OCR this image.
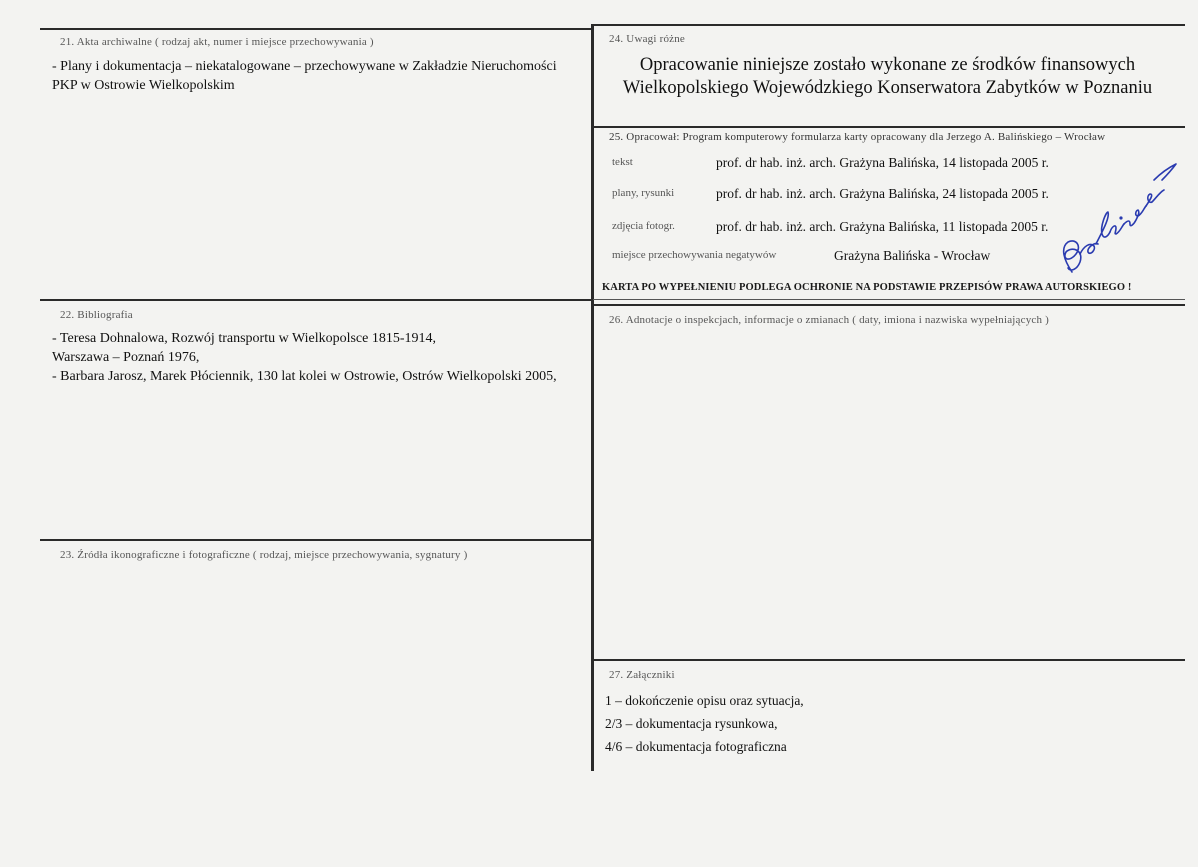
21. Akta archiwalne ( rodzaj akt, numer i miejsce przechowywania )
- Plany i dokumentacja – niekatalogowane – przechowywane w Zakładzie Nieruchomości
PKP w Ostrowie Wielkopolskim
22. Bibliografia
- Teresa Dohnalowa, Rozwój transportu w Wielkopolsce 1815-1914,
Warszawa – Poznań 1976,
- Barbara Jarosz, Marek Płóciennik, 130 lat kolei w Ostrowie, Ostrów Wielkopolski 2005,
23. Źródła ikonograficzne i fotograficzne ( rodzaj, miejsce przechowywania, sygnatury )
24. Uwagi różne
Opracowanie niniejsze zostało wykonane ze środków finansowych
Wielkopolskiego Wojewódzkiego Konserwatora Zabytków w Poznaniu
25. Opracował: Program komputerowy formularza karty opracowany dla Jerzego A. Balińskiego – Wrocław
tekst	prof. dr hab. inż. arch. Grażyna Balińska, 14 listopada 2005 r.
plany, rysunki	prof. dr hab. inż. arch. Grażyna Balińska, 24 listopada 2005 r.
zdjęcia fotogr.	prof. dr hab. inż. arch. Grażyna Balińska, 11 listopada 2005 r.
miejsce przechowywania negatywów	Grażyna Balińska - Wrocław
KARTA PO WYPEŁNIENIU PODLEGA OCHRONIE NA PODSTAWIE PRZEPISÓW PRAWA AUTORSKIEGO !
26. Adnotacje o inspekcjach, informacje o zmianach ( daty, imiona i nazwiska wypełniających )
27. Załączniki
1 – dokończenie opisu oraz sytuacja,
2/3 – dokumentacja rysunkowa,
4/6 – dokumentacja fotograficzna
